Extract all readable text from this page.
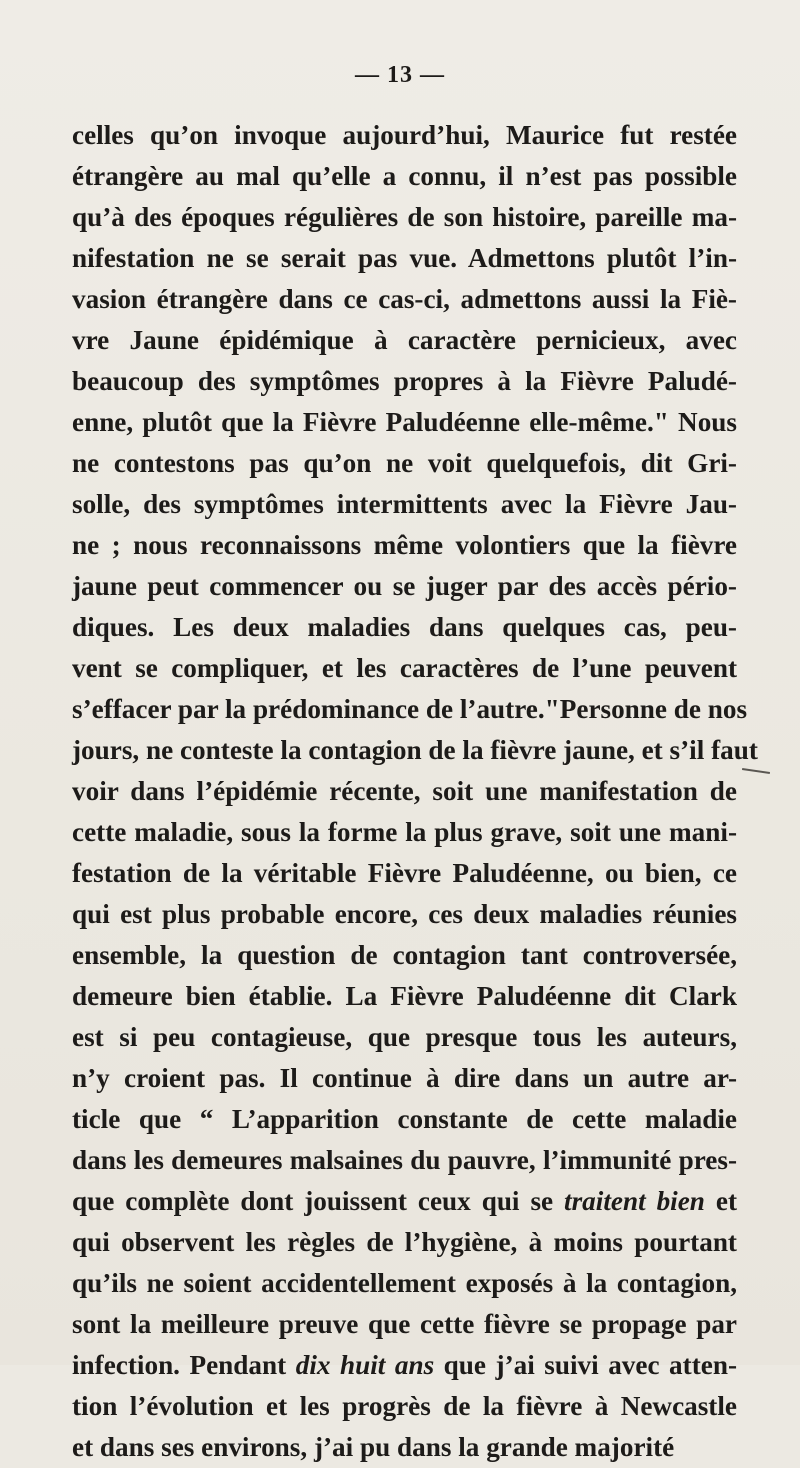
— 13 —
celles qu’on invoque aujourd’hui, Maurice fut restée
étrangère au mal qu’elle a connu, il n’est pas possible
qu’à des époques régulières de son histoire, pareille ma-
nifestation ne se serait pas vue. Admettons plutôt l’in-
vasion étrangère dans ce cas-ci, admettons aussi la Fiè-
vre Jaune épidémique à caractère pernicieux, avec
beaucoup des symptômes propres à la Fièvre Paludé-
enne, plutôt que la Fièvre Paludéenne elle-même." Nous
ne contestons pas qu’on ne voit quelquefois, dit Gri-
solle, des symptômes intermittents avec la Fièvre Jau-
ne ; nous reconnaissons même volontiers que la fièvre
jaune peut commencer ou se juger par des accès pério-
diques. Les deux maladies dans quelques cas, peu-
vent se compliquer, et les caractères de l’une peuvent
s’effacer par la prédominance de l’autre."Personne de nos
jours, ne conteste la contagion de la fièvre jaune, et s’il faut
voir dans l’épidémie récente, soit une manifestation de
cette maladie, sous la forme la plus grave, soit une mani-
festation de la véritable Fièvre Paludéenne, ou bien, ce
qui est plus probable encore, ces deux maladies réunies
ensemble, la question de contagion tant controversée,
demeure bien établie. La Fièvre Paludéenne dit Clark
est si peu contagieuse, que presque tous les auteurs,
n’y croient pas. Il continue à dire dans un autre ar-
ticle que “ L’apparition constante de cette maladie
dans les demeures malsaines du pauvre, l’immunité pres-
que complète dont jouissent ceux qui se traitent bien et
qui observent les règles de l’hygiène, à moins pourtant
qu’ils ne soient accidentellement exposés à la contagion,
sont la meilleure preuve que cette fièvre se propage par
infection. Pendant dix huit ans que j’ai suivi avec atten-
tion l’évolution et les progrès de la fièvre à Newcastle
et dans ses environs, j’ai pu dans la grande majorité
